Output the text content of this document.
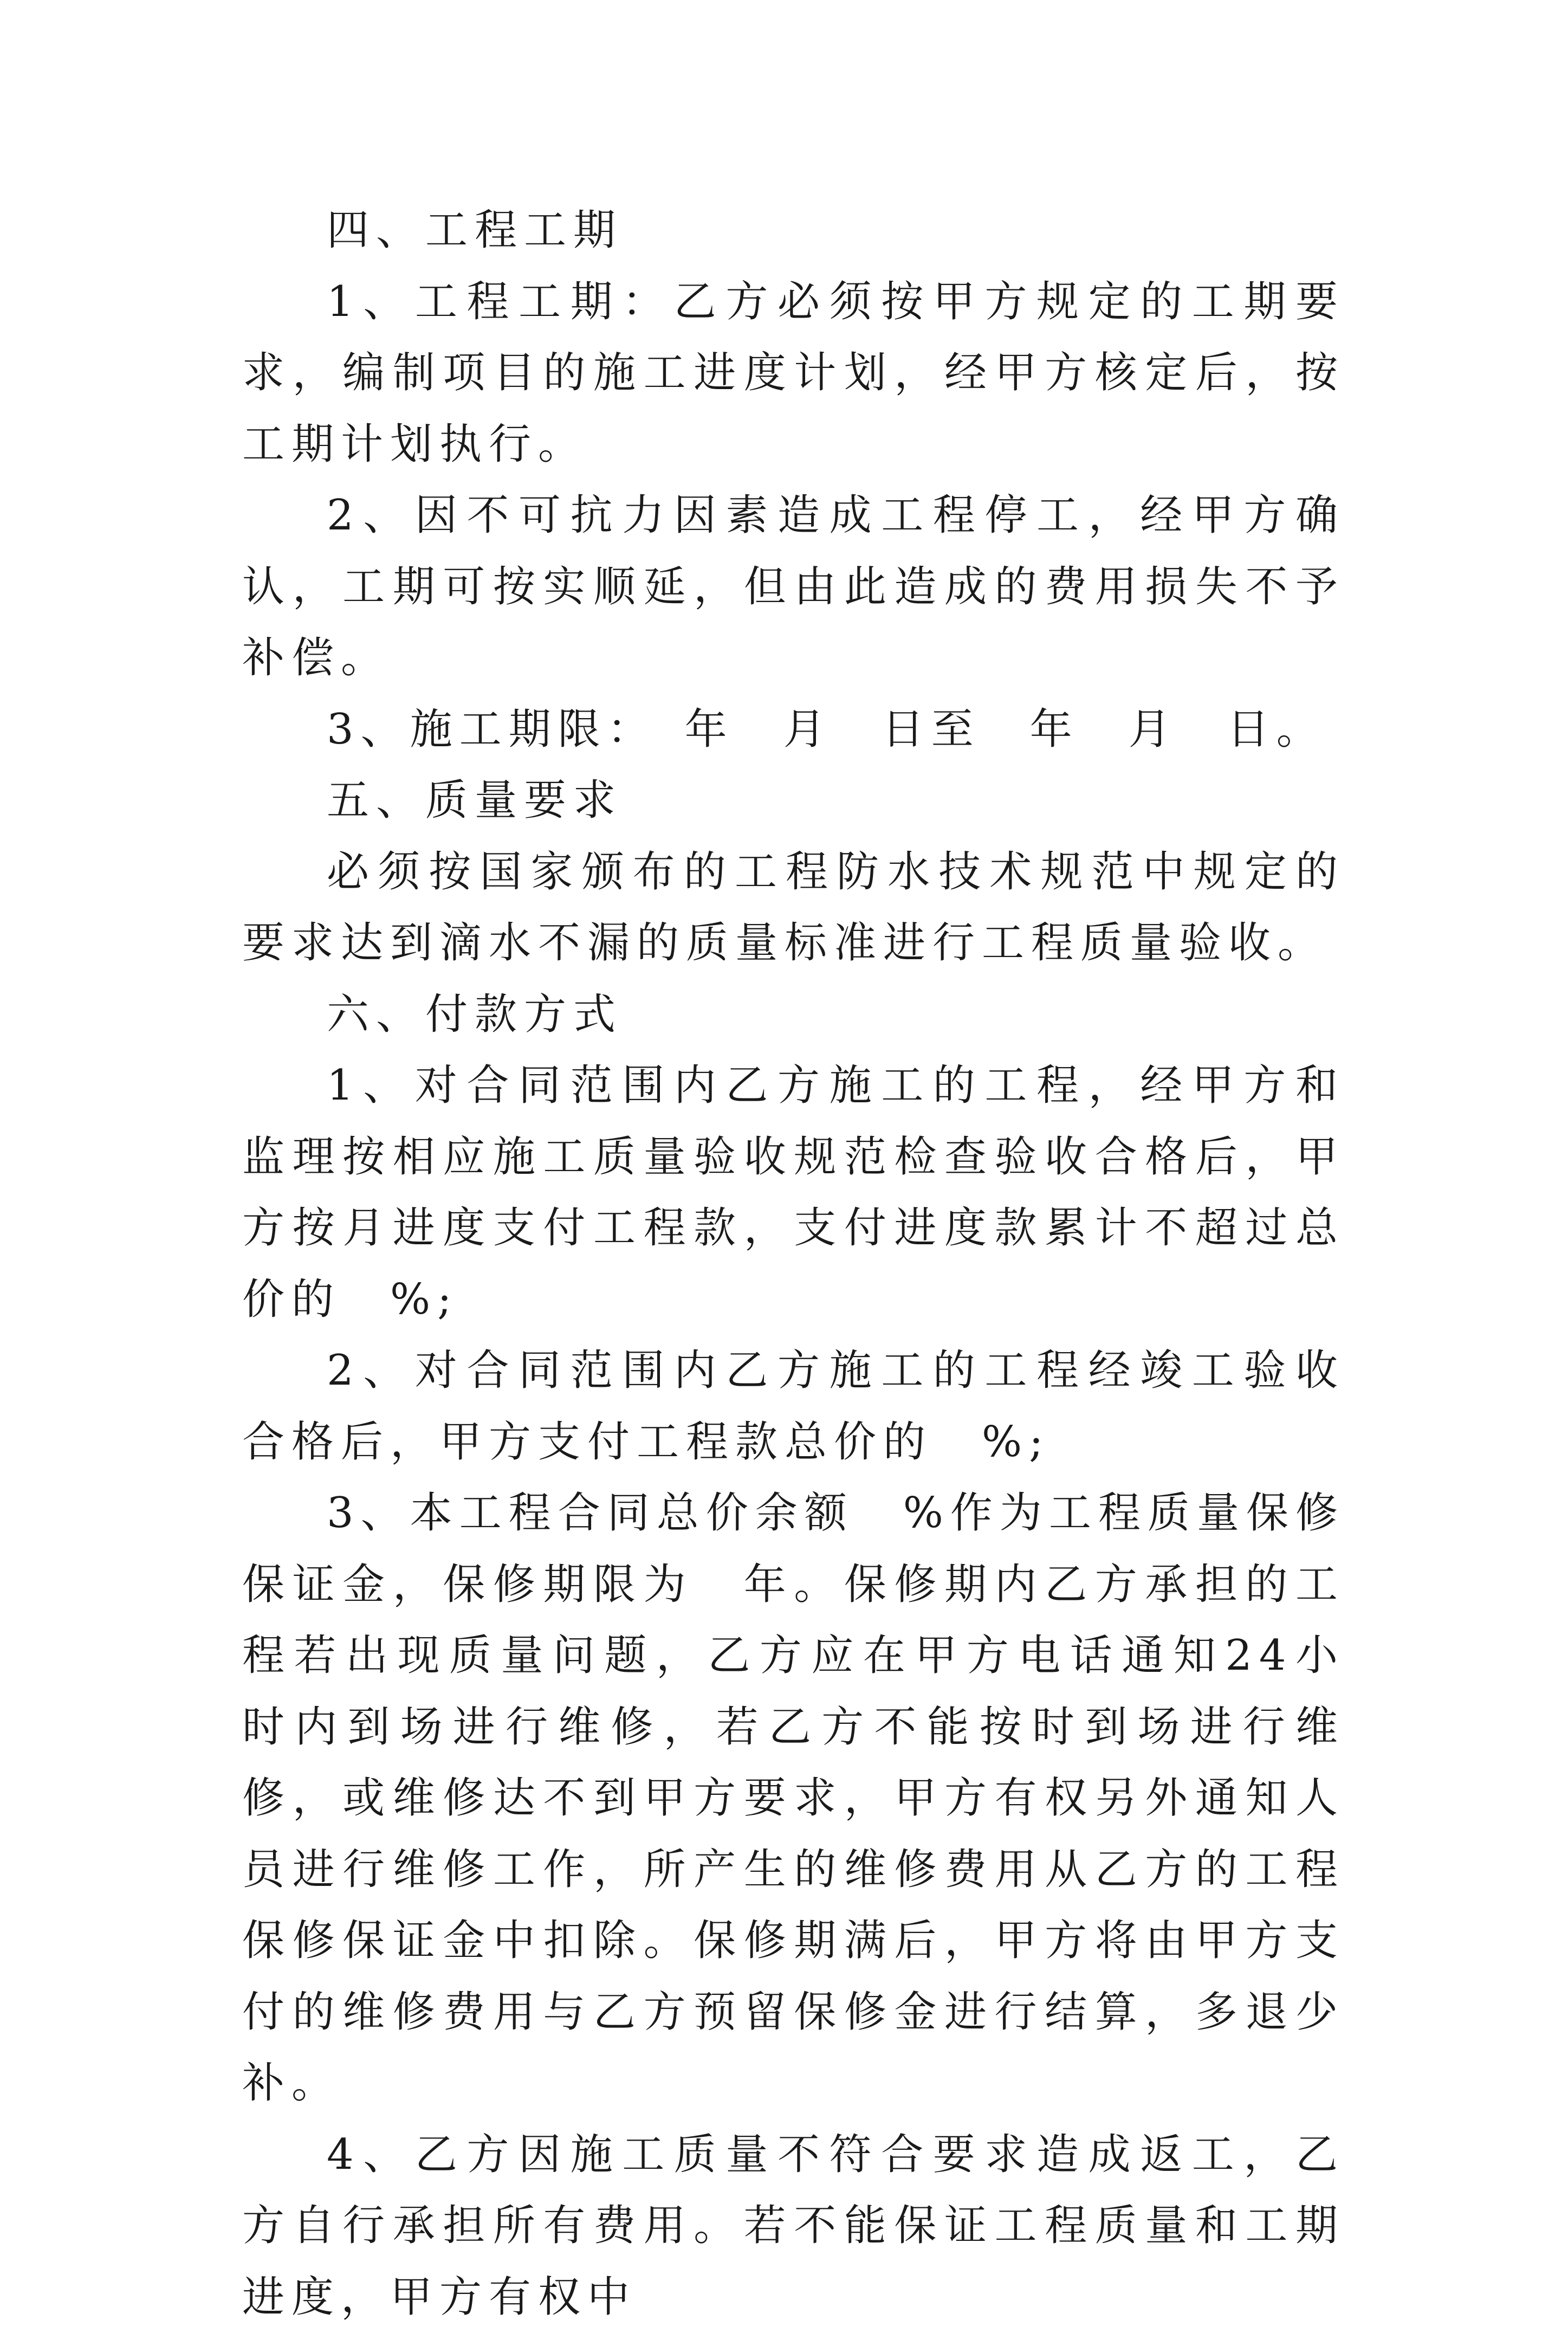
四、工程工期

1、工程工期：乙方必须按甲方规定的工期要求，编制项目的施工进度计划，经甲方核定后，按工期计划执行。

2、因不可抗力因素造成工程停工，经甲方确认，工期可按实顺延，但由此造成的费用损失不予补偿。

3、施工期限：　年　月　日至　年　月　日。

五、质量要求

必须按国家颁布的工程防水技术规范中规定的要求达到滴水不漏的质量标准进行工程质量验收。

六、付款方式

1、对合同范围内乙方施工的工程，经甲方和监理按相应施工质量验收规范检查验收合格后，甲方按月进度支付工程款，支付进度款累计不超过总价的　%;

2、对合同范围内乙方施工的工程经竣工验收合格后，甲方支付工程款总价的　%;

3、本工程合同总价余额　%作为工程质量保修保证金，保修期限为　年。保修期内乙方承担的工程若出现质量问题，乙方应在甲方电话通知24小时内到场进行维修，若乙方不能按时到场进行维修，或维修达不到甲方要求，甲方有权另外通知人员进行维修工作，所产生的维修费用从乙方的工程保修保证金中扣除。保修期满后，甲方将由甲方支付的维修费用与乙方预留保修金进行结算，多退少补。

4、乙方因施工质量不符合要求造成返工，乙方自行承担所有费用。若不能保证工程质量和工期进度，甲方有权中
